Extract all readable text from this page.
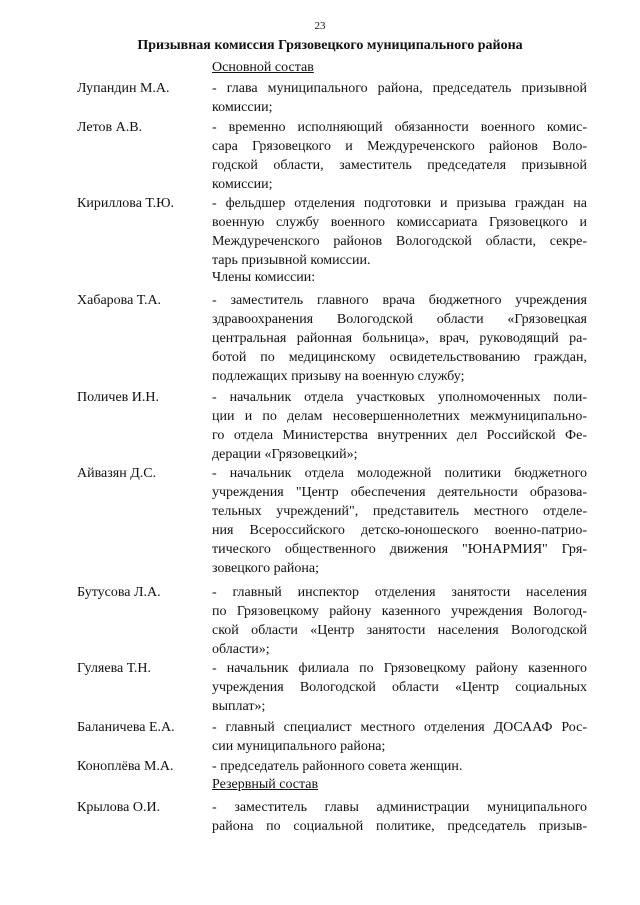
23
Призывная комиссия Грязовецкого муниципального района
Основной состав
Лупандин М.А.	- глава муниципального района, председатель призывной
комиссии;
Летов А.В.	- временно исполняющий обязанности военного комис-
сара Грязовецкого и Междуреченского районов Воло-
годской области, заместитель председателя призывной
комиссии;
Кириллова Т.Ю.	- фельдшер отделения подготовки и призыва граждан на
военную службу военного комиссариата Грязовецкого и
Междуреченского районов Вологодской области, секре-
тарь призывной комиссии.
Члены комиссии:
Хабарова Т.А.	- заместитель главного врача бюджетного учреждения
здравоохранения Вологодской области «Грязовецкая
центральная районная больница», врач, руководящий ра-
ботой по медицинскому освидетельствованию граждан,
подлежащих призыву на военную службу;
Поличев И.Н.	- начальник отдела участковых уполномоченных поли-
ции и по делам несовершеннолетних межмуниципально-
го отдела Министерства внутренних дел Российской Фе-
дерации «Грязовецкий»;
Айвазян Д.С.	- начальник отдела молодежной политики бюджетного
учреждения "Центр обеспечения деятельности образова-
тельных учреждений", представитель местного отделе-
ния Всероссийского детско-юношеского военно-патрио-
тического общественного движения "ЮНАРМИЯ" Гря-
зовецкого района;
Бутусова Л.А.	- главный инспектор отделения занятости населения
по Грязовецкому району казенного учреждения Вологод-
ской области «Центр занятости населения Вологодской
области»;
Гуляева Т.Н.	- начальник филиала по Грязовецкому району казенного
учреждения Вологодской области «Центр социальных
выплат»;
Баланичева Е.А.	- главный специалист местного отделения ДОСААФ Рос-
сии муниципального района;
Коноплёва М.А.	- председатель районного совета женщин.
Резервный состав
Крылова О.И.	- заместитель главы администрации муниципального
района по социальной политике, председатель призыв-
